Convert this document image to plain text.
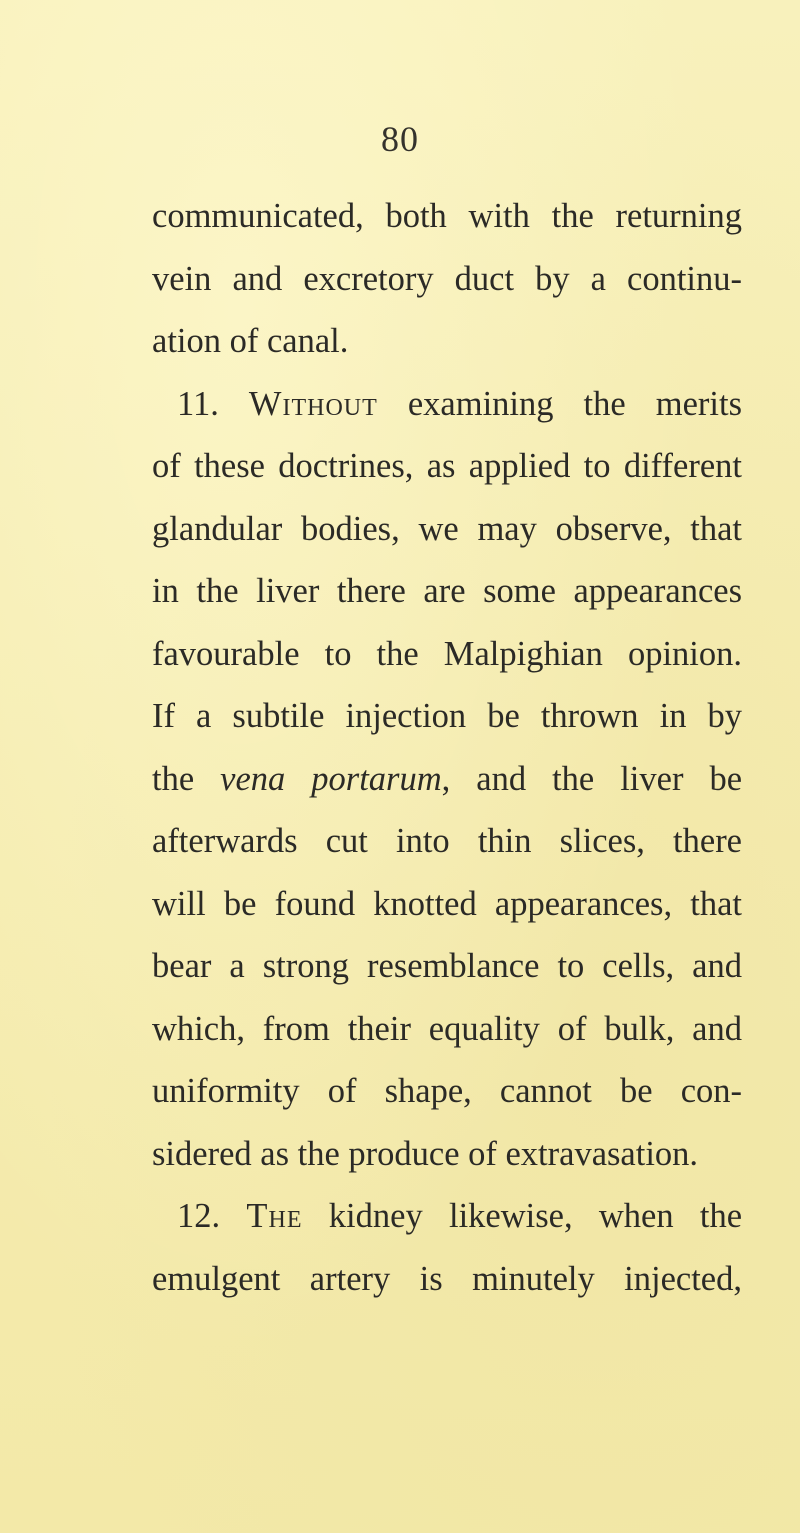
80
communicated, both with the returning
vein and excretory duct by a continu-
ation of canal.
11. Without examining the merits
of these doctrines, as applied to different
glandular bodies, we may observe, that
in the liver there are some appearances
favourable to the Malpighian opinion.
If a subtile injection be thrown in by
the vena portarum, and the liver be
afterwards cut into thin slices, there
will be found knotted appearances, that
bear a strong resemblance to cells, and
which, from their equality of bulk, and
uniformity of shape, cannot be con-
sidered as the produce of extravasation.
12. The kidney likewise, when the
emulgent artery is minutely injected,
